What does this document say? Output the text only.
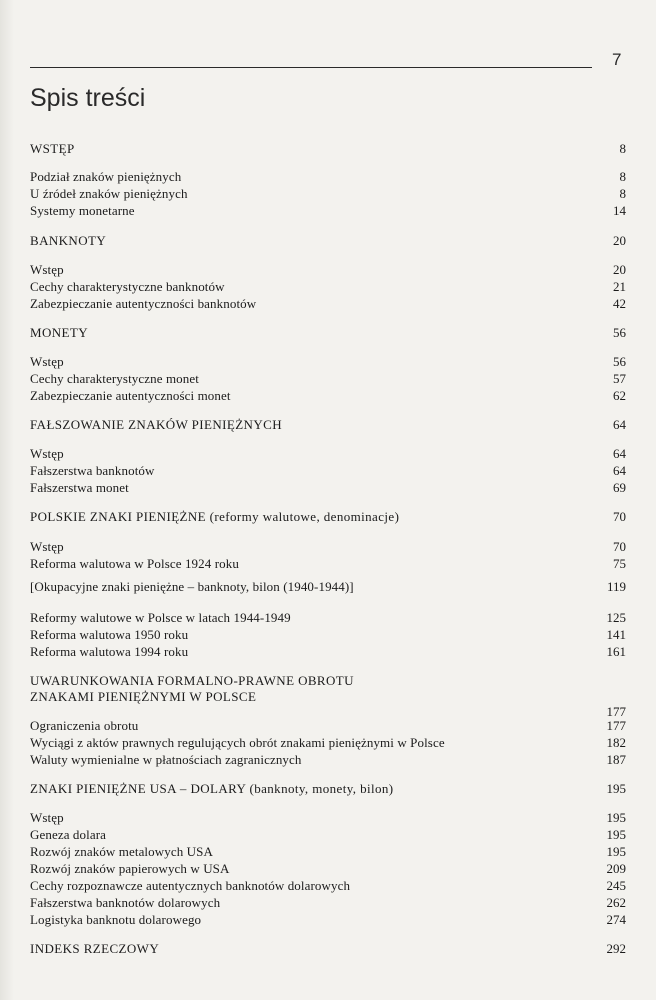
7
Spis treści
WSTĘP	8
Podział znaków pieniężnych	8
U źródeł znaków pieniężnych	8
Systemy monetarne	14
BANKNOTY	20
Wstęp	20
Cechy charakterystyczne banknotów	21
Zabezpieczanie autentyczności banknotów	42
MONETY	56
Wstęp	56
Cechy charakterystyczne monet	57
Zabezpieczanie autentyczności monet	62
FAŁSZOWANIE ZNAKÓW PIENIĘŻNYCH	64
Wstęp	64
Fałszerstwa banknotów	64
Fałszerstwa monet	69
POLSKIE ZNAKI PIENIĘŻNE (reformy walutowe, denominacje)	70
Wstęp	70
Reforma walutowa w Polsce 1924 roku	75
[Okupacyjne znaki pieniężne – banknoty, bilon (1940-1944)]	119
Reformy walutowe w Polsce w latach 1944-1949	125
Reforma walutowa 1950 roku	141
Reforma walutowa 1994 roku	161
UWARUNKOWANIA FORMALNO-PRAWNE OBROTU
ZNAKAMI PIENIĘŻNYMI W POLSCE
177
Ograniczenia obrotu	177
Wyciągi z aktów prawnych regulujących obrót znakami pieniężnymi w Polsce	182
Waluty wymienialne w płatnościach zagranicznych	187
ZNAKI PIENIĘŻNE USA – DOLARY (banknoty, monety, bilon)	195
Wstęp	195
Geneza dolara	195
Rozwój znaków metalowych USA	195
Rozwój znaków papierowych w USA	209
Cechy rozpoznawcze autentycznych banknotów dolarowych	245
Fałszerstwa banknotów dolarowych	262
Logistyka banknotu dolarowego	274
INDEKS RZECZOWY	292
